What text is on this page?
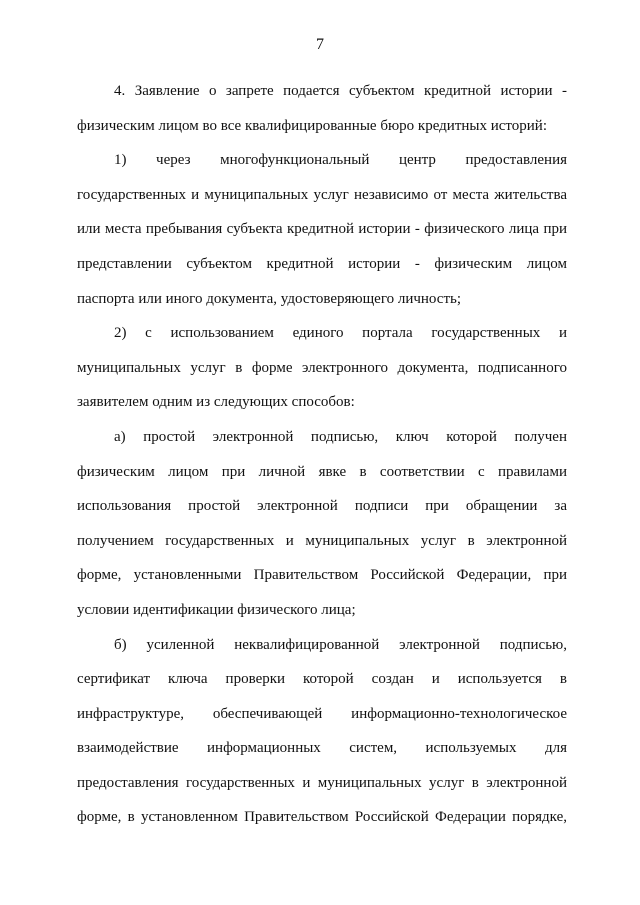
7
4. Заявление о запрете подается субъектом кредитной истории -
физическим лицом во все квалифицированные бюро кредитных историй:
1)    через    многофункциональный    центр    предоставления
государственных и муниципальных услуг независимо от места жительства
или места пребывания субъекта кредитной истории - физического лица при
представлении субъектом кредитной истории - физическим лицом
паспорта или иного документа, удостоверяющего личность;
2) с использованием единого портала государственных и
муниципальных услуг в форме электронного документа, подписанного
заявителем одним из следующих способов:
а) простой электронной подписью, ключ которой получен
физическим лицом при личной явке в соответствии с правилами
использования простой электронной подписи при обращении за
получением государственных и муниципальных услуг в электронной
форме, установленными Правительством Российской Федерации, при
условии идентификации физического лица;
б) усиленной неквалифицированной электронной подписью,
сертификат ключа проверки которой создан и используется в
инфраструктуре, обеспечивающей информационно-технологическое
взаимодействие информационных систем, используемых для
предоставления государственных и муниципальных услуг в электронной
форме, в установленном Правительством Российской Федерации порядке,
